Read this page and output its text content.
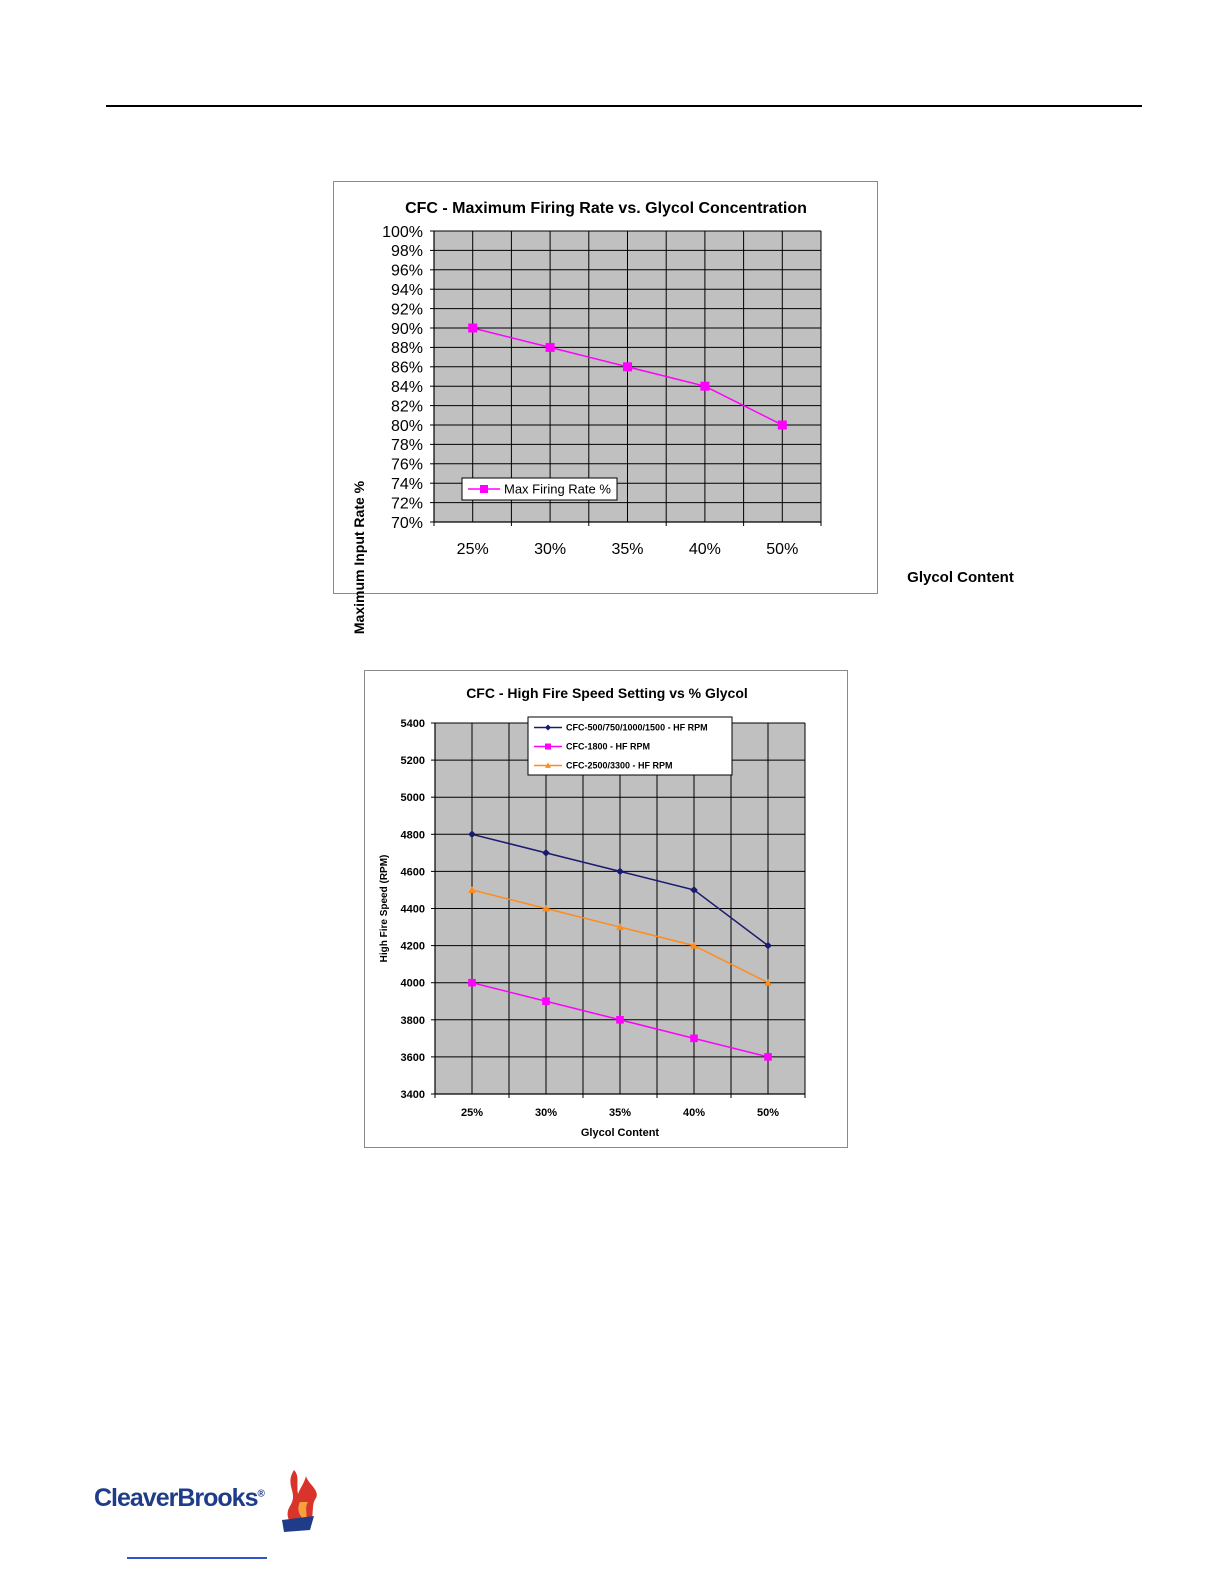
70%
72%
74%
76%
78%
80%
82%
84%
86%
88%
90%
92%
94%
96%
98%
100%
25%	30%	35%	40%	50%
CFC - Maximum Firing Rate vs. Glycol Concentration
Glycol Content
Maximum Input Rate %	Max Firing Rate %
3400
3600
3800
4000
4200
4400
4600
4800
5000
5200
5400
25%	30%	35%	40%	50%
CFC - High Fire Speed Setting vs % Glycol
Glycol Content
High Fire Speed (RPM)
CFC-500/750/1000/1500 - HF RPM
CFC-1800 - HF RPM
CFC-2500/3300 - HF RPM
CleaverBrooks®
